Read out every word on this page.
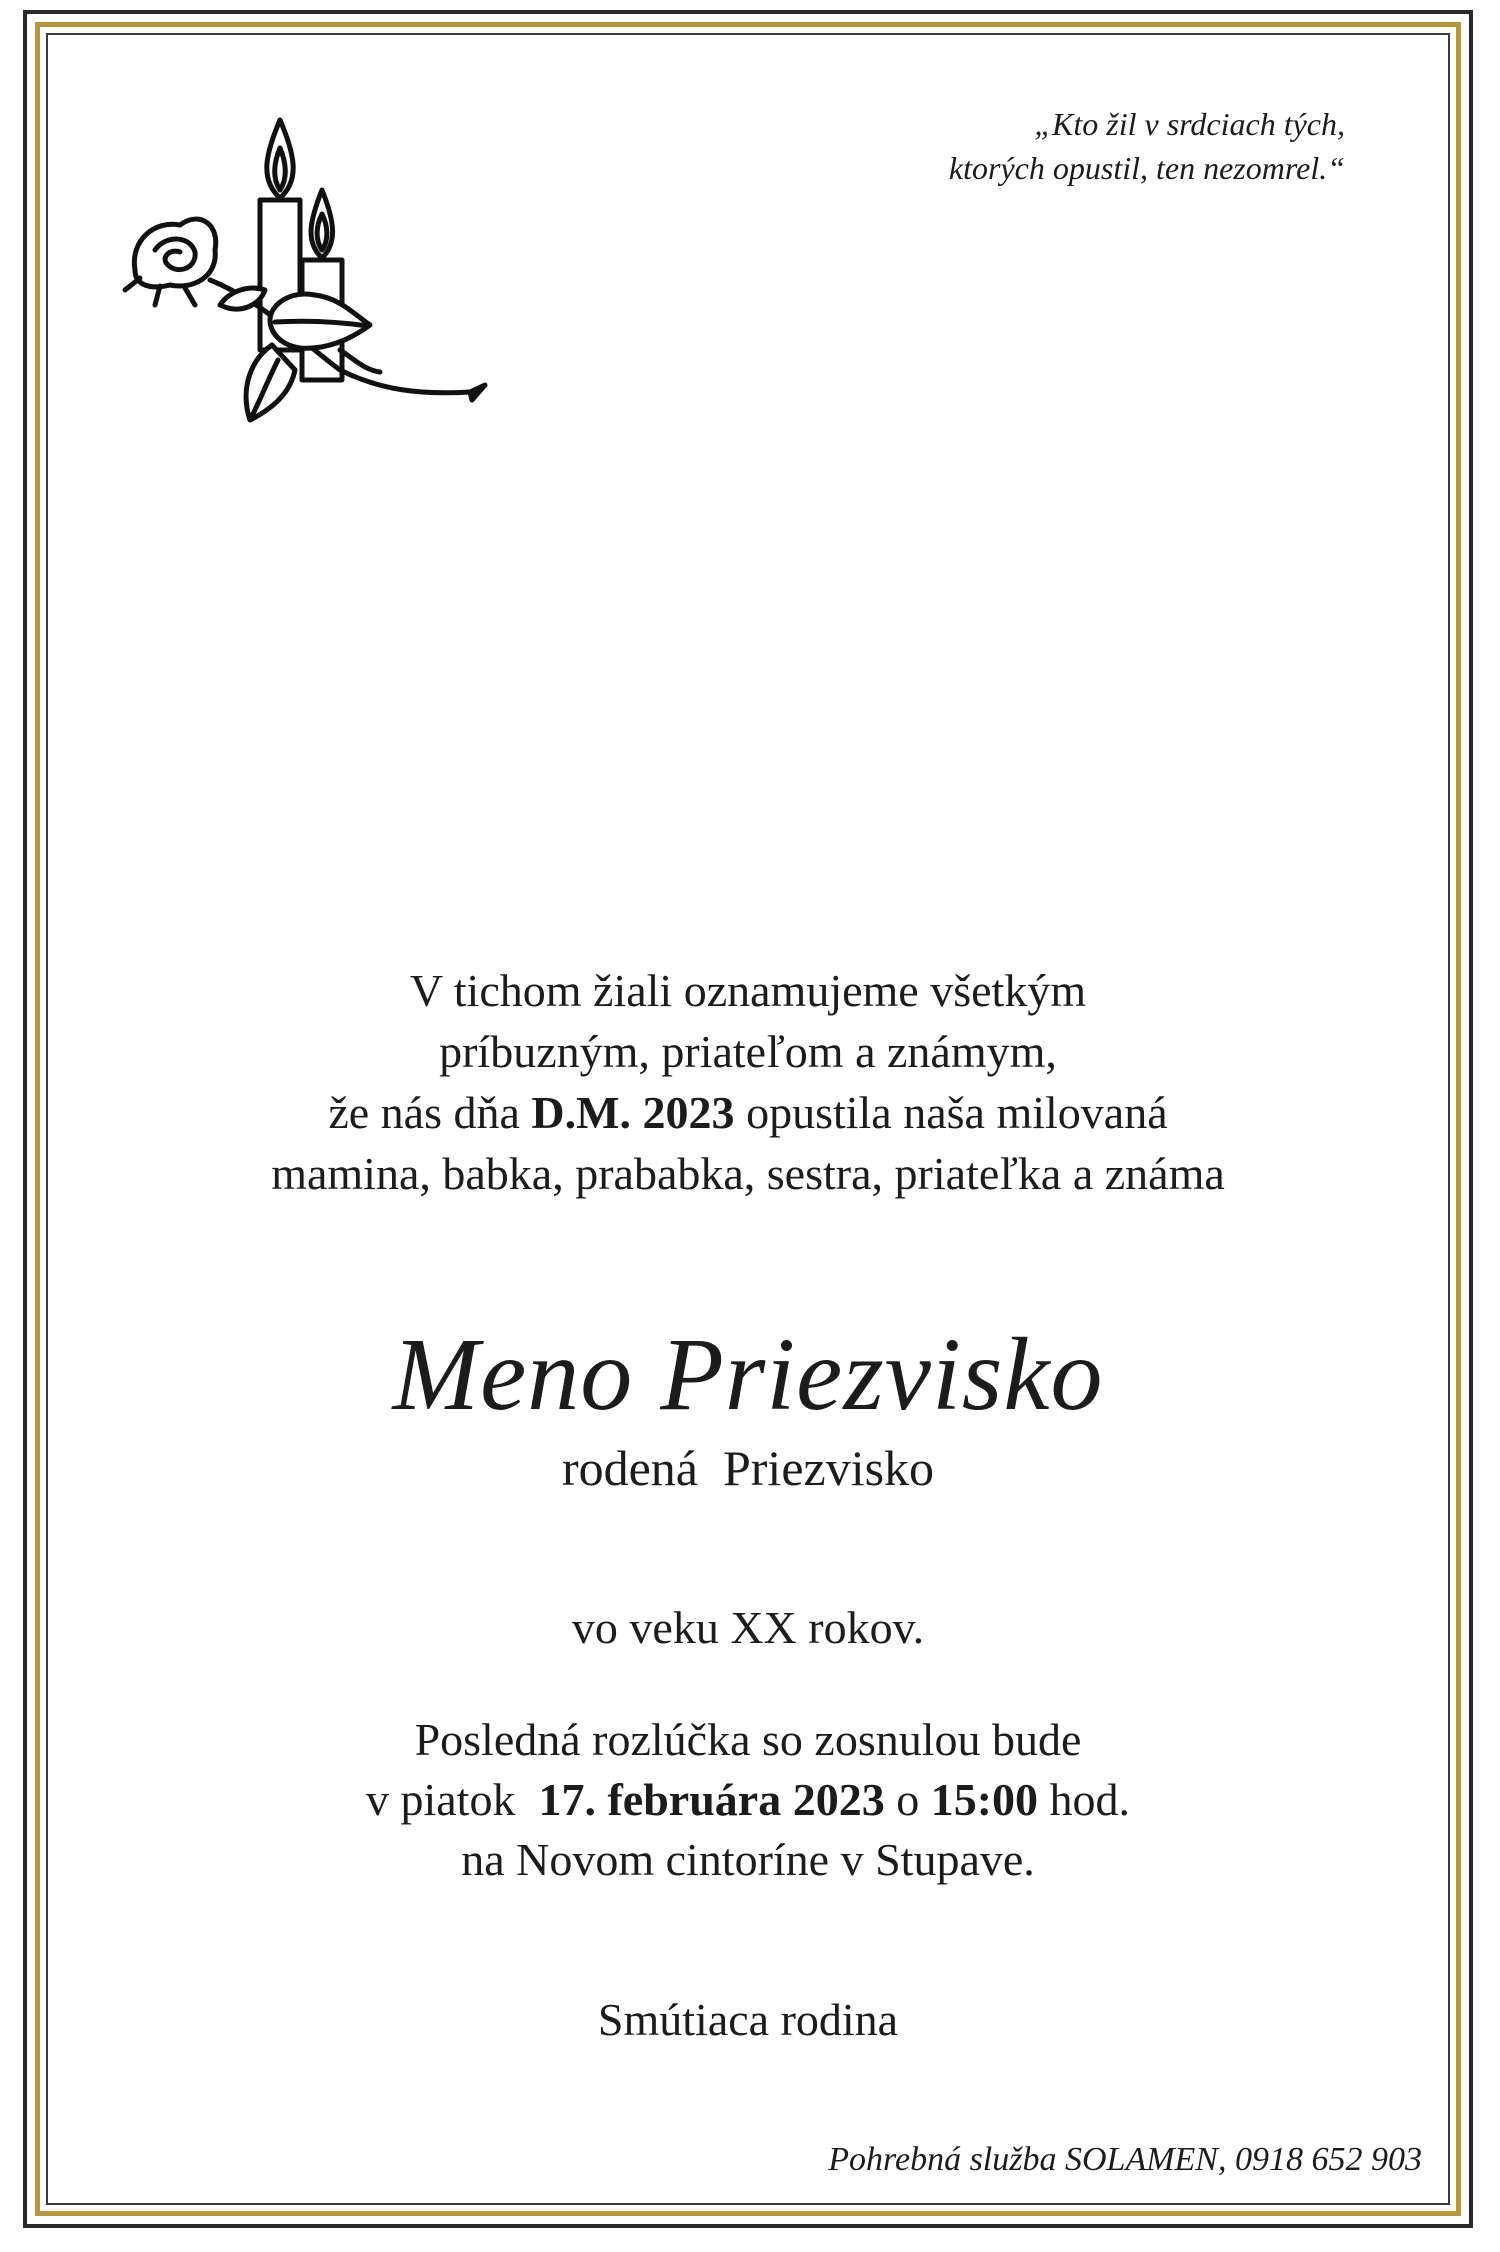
„Kto žil v srdciach tých,
ktorých opustil, ten nezomrel.“
V tichom žiali oznamujeme všetkým
príbuzným, priateľom a známym,
že nás dňa D.M. 2023 opustila naša milovaná
mamina, babka, prababka, sestra, priateľka a známa
Meno Priezvisko
rodená  Priezvisko
vo veku XX rokov.
Posledná rozlúčka so zosnulou bude
v piatok 17. februára 2023 o 15:00 hod.
na Novom cintoríne v Stupave.
Smútiaca rodina
Pohrebná služba SOLAMEN, 0918 652 903
